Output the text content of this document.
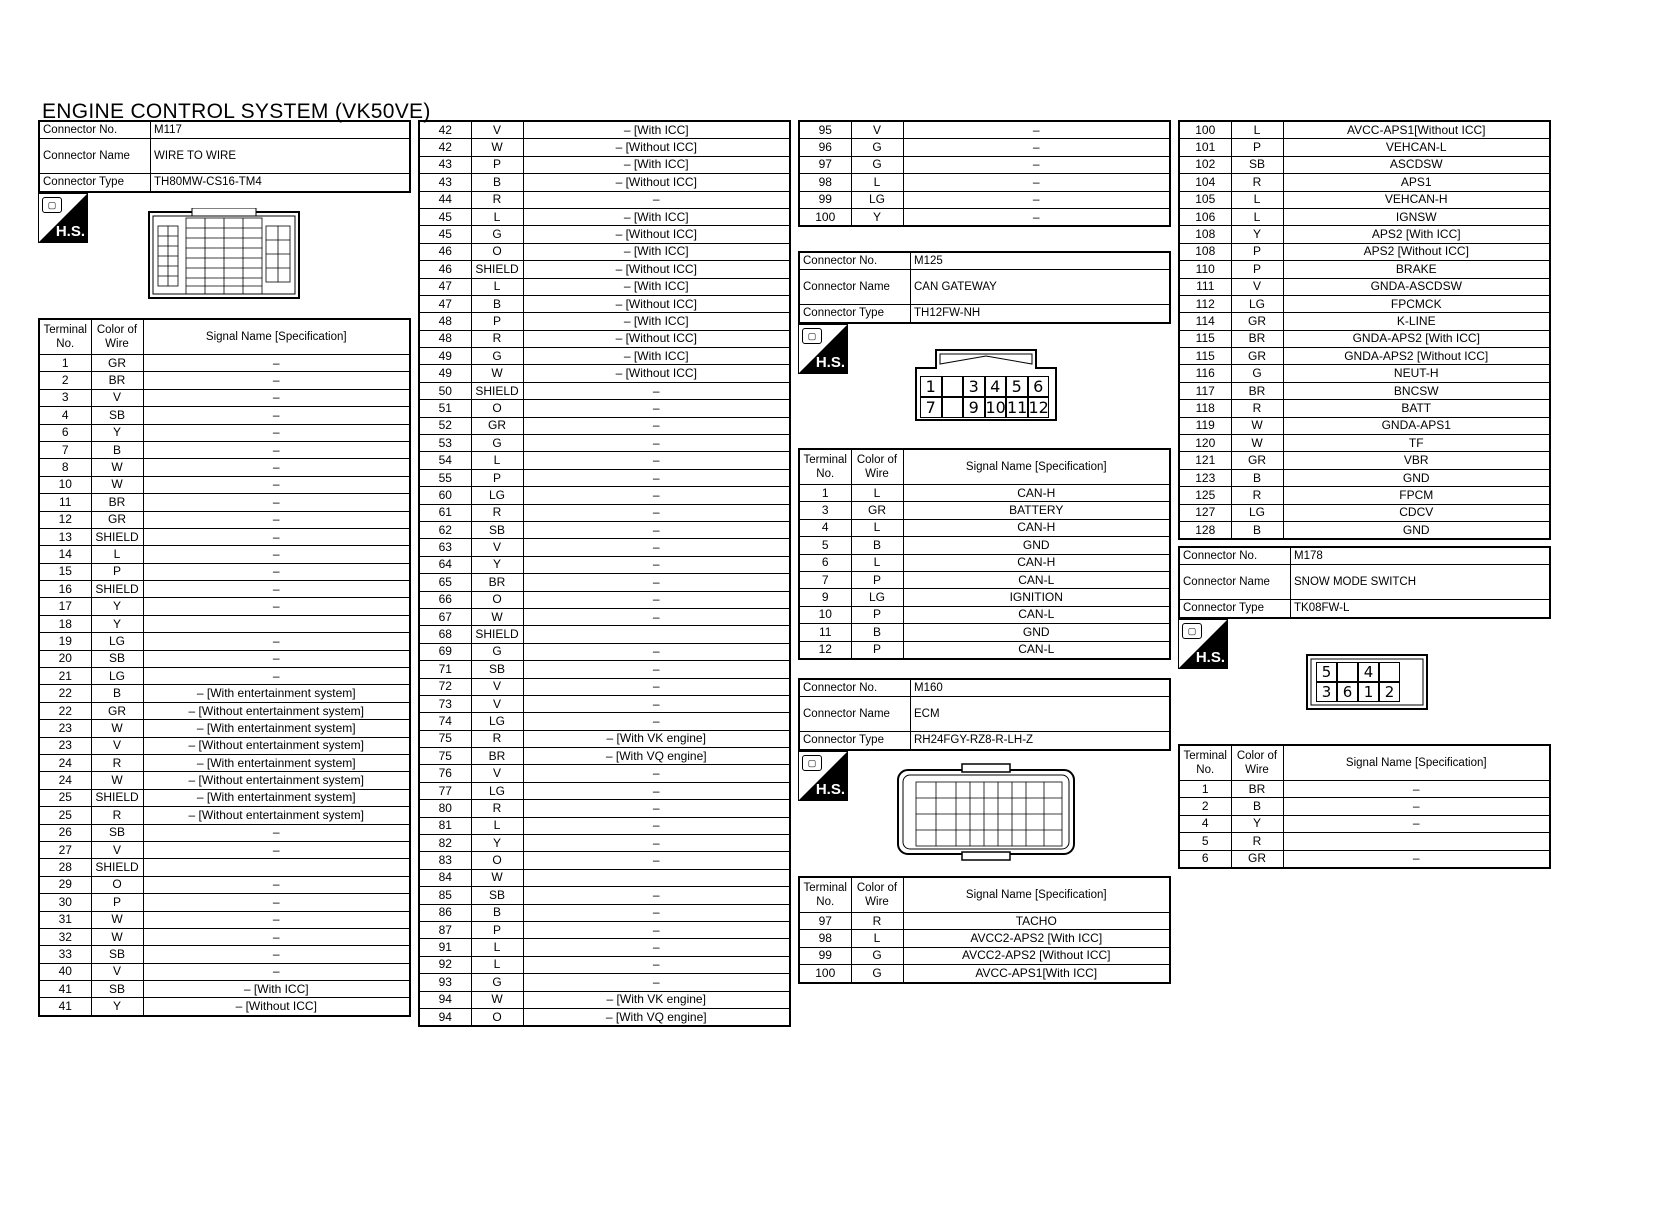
ENGINE CONTROL SYSTEM (VK50VE)
Connector No.	M117
Connector Name	WIRE TO WIRE
Connector Type	TH80MW-CS16-TM4
▢
H.S.
Terminal No.	Color of Wire	Signal Name [Specification]
1	GR	–
2	BR	–
3	V	–
4	SB	–
6	Y	–
7	B	–
8	W	–
10	W	–
11	BR	–
12	GR	–
13	SHIELD	–
14	L	–
15	P	–
16	SHIELD	–
17	Y	–
18	Y	
19	LG	–
20	SB	–
21	LG	–
22	B	– [With entertainment system]
22	GR	– [Without entertainment system]
23	W	– [With entertainment system]
23	V	– [Without entertainment system]
24	R	– [With entertainment system]
24	W	– [Without entertainment system]
25	SHIELD	– [With entertainment system]
25	R	– [Without entertainment system]
26	SB	–
27	V	–
28	SHIELD	
29	O	–
30	P	–
31	W	–
32	W	–
33	SB	–
40	V	–
41	SB	– [With ICC]
41	Y	– [Without ICC]
42	V	– [With ICC]
42	W	– [Without ICC]
43	P	– [With ICC]
43	B	– [Without ICC]
44	R	–
45	L	– [With ICC]
45	G	– [Without ICC]
46	O	– [With ICC]
46	SHIELD	– [Without ICC]
47	L	– [With ICC]
47	B	– [Without ICC]
48	P	– [With ICC]
48	R	– [Without ICC]
49	G	– [With ICC]
49	W	– [Without ICC]
50	SHIELD	–
51	O	–
52	GR	–
53	G	–
54	L	–
55	P	–
60	LG	–
61	R	–
62	SB	–
63	V	–
64	Y	–
65	BR	–
66	O	–
67	W	–
68	SHIELD	
69	G	–
71	SB	–
72	V	–
73	V	–
74	LG	–
75	R	– [With VK engine]
75	BR	– [With VQ engine]
76	V	–
77	LG	–
80	R	–
81	L	–
82	Y	–
83	O	–
84	W	
85	SB	–
86	B	–
87	P	–
91	L	–
92	L	–
93	G	–
94	W	– [With VK engine]
94	O	– [With VQ engine]
95	V	–
96	G	–
97	G	–
98	L	–
99	LG	–
100	Y	–
Connector No.	M125
Connector Name	CAN GATEWAY
Connector Type	TH12FW-NH
▢
H.S.
1	3 4 5 6
7	9 10 11 12
Terminal No.	Color of Wire	Signal Name [Specification]
1	L	CAN-H
3	GR	BATTERY
4	L	CAN-H
5	B	GND
6	L	CAN-H
7	P	CAN-L
9	LG	IGNITION
10	P	CAN-L
11	B	GND
12	P	CAN-L
Connector No.	M160
Connector Name	ECM
Connector Type	RH24FGY-RZ8-R-LH-Z
▢
H.S.
Terminal No.	Color of Wire	Signal Name [Specification]
97	R	TACHO
98	L	AVCC2-APS2 [With ICC]
99	G	AVCC2-APS2 [Without ICC]
100	G	AVCC-APS1[With ICC]
100	L	AVCC-APS1[Without ICC]
101	P	VEHCAN-L
102	SB	ASCDSW
104	R	APS1
105	L	VEHCAN-H
106	L	IGNSW
108	Y	APS2 [With ICC]
108	P	APS2 [Without ICC]
110	P	BRAKE
111	V	GNDA-ASCDSW
112	LG	FPCMCK
114	GR	K-LINE
115	BR	GNDA-APS2 [With ICC]
115	GR	GNDA-APS2 [Without ICC]
116	G	NEUT-H
117	BR	BNCSW
118	R	BATT
119	W	GNDA-APS1
120	W	TF
121	GR	VBR
123	B	GND
125	R	FPCM
127	LG	CDCV
128	B	GND
Connector No.	M178
Connector Name	SNOW MODE SWITCH
Connector Type	TK08FW-L
▢
H.S.
5	4
3 6 1 2
Terminal No.	Color of Wire	Signal Name [Specification]
1	BR	–
2	B	–
4	Y	–
5	R	
6	GR	–
